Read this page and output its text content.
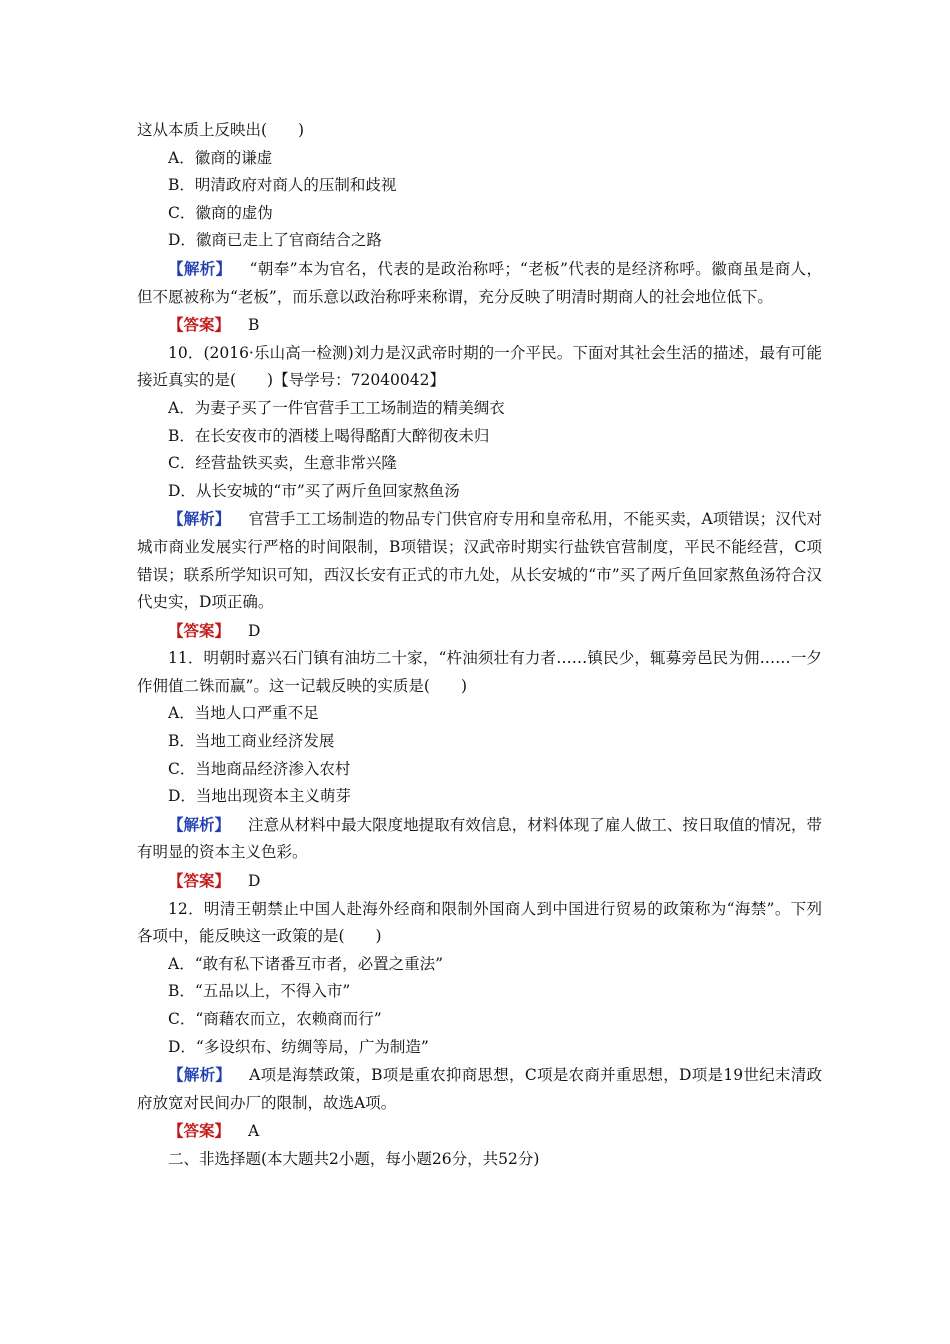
这从本质上反映出(　　)
A．徽商的谦虚
B．明清政府对商人的压制和歧视
C．徽商的虚伪
D．徽商已走上了官商结合之路
【解析】 “朝奉”本为官名，代表的是政治称呼；“老板”代表的是经济称呼。徽商虽是商人，但不愿被称为“老板”，而乐意以政治称呼来称谓，充分反映了明清时期商人的社会地位低下。
【答案】 B
10．(2016·乐山高一检测)刘力是汉武帝时期的一介平民。下面对其社会生活的描述，最有可能接近真实的是(　　)【导学号：72040042】
A．为妻子买了一件官营手工工场制造的精美绸衣
B．在长安夜市的酒楼上喝得酩酊大醉彻夜未归
C．经营盐铁买卖，生意非常兴隆
D．从长安城的“市”买了两斤鱼回家熬鱼汤
【解析】 官营手工工场制造的物品专门供官府专用和皇帝私用，不能买卖，A项错误；汉代对城市商业发展实行严格的时间限制，B项错误；汉武帝时期实行盐铁官营制度，平民不能经营，C项错误；联系所学知识可知，西汉长安有正式的市九处，从长安城的“市”买了两斤鱼回家熬鱼汤符合汉代史实，D项正确。
【答案】 D
11．明朝时嘉兴石门镇有油坊二十家，“杵油须壮有力者……镇民少，辄募旁邑民为佣……一夕作佣值二铢而赢”。这一记载反映的实质是(　　)
A．当地人口严重不足
B．当地工商业经济发展
C．当地商品经济渗入农村
D．当地出现资本主义萌芽
【解析】 注意从材料中最大限度地提取有效信息，材料体现了雇人做工、按日取值的情况，带有明显的资本主义色彩。
【答案】 D
12．明清王朝禁止中国人赴海外经商和限制外国商人到中国进行贸易的政策称为“海禁”。下列各项中，能反映这一政策的是(　　)
A．“敢有私下诸番互市者，必置之重法”
B．“五品以上，不得入市”
C．“商藉农而立，农赖商而行”
D．“多设织布、纺绸等局，广为制造”
【解析】 A项是海禁政策，B项是重农抑商思想，C项是农商并重思想，D项是19世纪末清政府放宽对民间办厂的限制，故选A项。
【答案】 A
二、非选择题(本大题共2小题，每小题26分，共52分)
